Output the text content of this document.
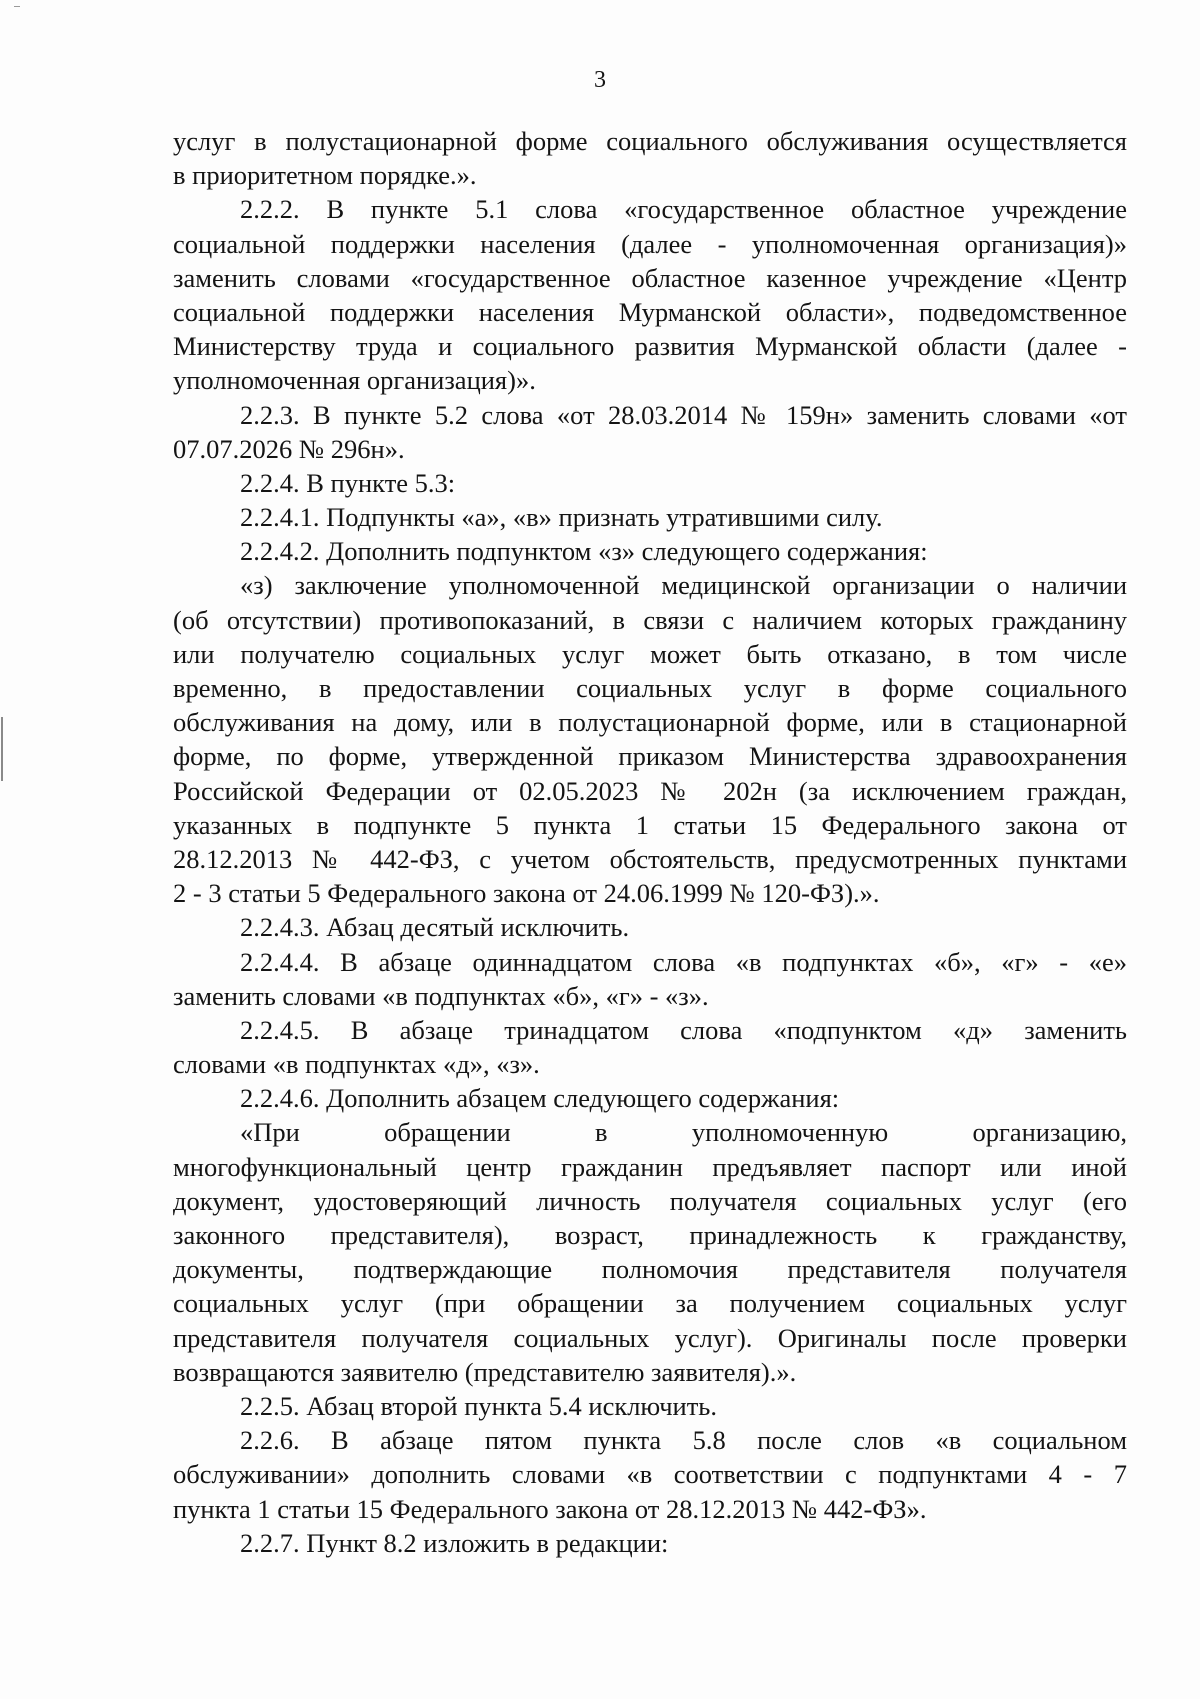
3
услуг в полустационарной форме социального обслуживания осуществляется
в приоритетном порядке.».
2.2.2. В пункте 5.1 слова «государственное областное учреждение
социальной поддержки населения (далее - уполномоченная организация)»
заменить словами «государственное областное казенное учреждение «Центр
социальной поддержки населения Мурманской области», подведомственное
Министерству труда и социального развития Мурманской области (далее -
уполномоченная организация)».
2.2.3. В пункте 5.2 слова «от 28.03.2014 № 159н» заменить словами «от
07.07.2026 № 296н».
2.2.4. В пункте 5.3:
2.2.4.1. Подпункты «а», «в» признать утратившими силу.
2.2.4.2. Дополнить подпунктом «з» следующего содержания:
«з) заключение уполномоченной медицинской организации о наличии
(об отсутствии) противопоказаний, в связи с наличием которых гражданину
или получателю социальных услуг может быть отказано, в том числе
временно, в предоставлении социальных услуг в форме социального
обслуживания на дому, или в полустационарной форме, или в стационарной
форме, по форме, утвержденной приказом Министерства здравоохранения
Российской Федерации от 02.05.2023 № 202н (за исключением граждан,
указанных в подпункте 5 пункта 1 статьи 15 Федерального закона от
28.12.2013 № 442-ФЗ, с учетом обстоятельств, предусмотренных пунктами
2 - 3 статьи 5 Федерального закона от 24.06.1999 № 120-ФЗ).».
2.2.4.3. Абзац десятый исключить.
2.2.4.4. В абзаце одиннадцатом слова «в подпунктах «б», «г» - «е»
заменить словами «в подпунктах «б», «г» - «з».
2.2.4.5. В абзаце тринадцатом слова «подпунктом «д» заменить
словами «в подпунктах «д», «з».
2.2.4.6. Дополнить абзацем следующего содержания:
«При обращении в уполномоченную организацию,
многофункциональный центр гражданин предъявляет паспорт или иной
документ, удостоверяющий личность получателя социальных услуг (его
законного представителя), возраст, принадлежность к гражданству,
документы, подтверждающие полномочия представителя получателя
социальных услуг (при обращении за получением социальных услуг
представителя получателя социальных услуг). Оригиналы после проверки
возвращаются заявителю (представителю заявителя).».
2.2.5. Абзац второй пункта 5.4 исключить.
2.2.6. В абзаце пятом пункта 5.8 после слов «в социальном
обслуживании» дополнить словами «в соответствии с подпунктами 4 - 7
пункта 1 статьи 15 Федерального закона от 28.12.2013 № 442-ФЗ».
2.2.7. Пункт 8.2 изложить в редакции:
